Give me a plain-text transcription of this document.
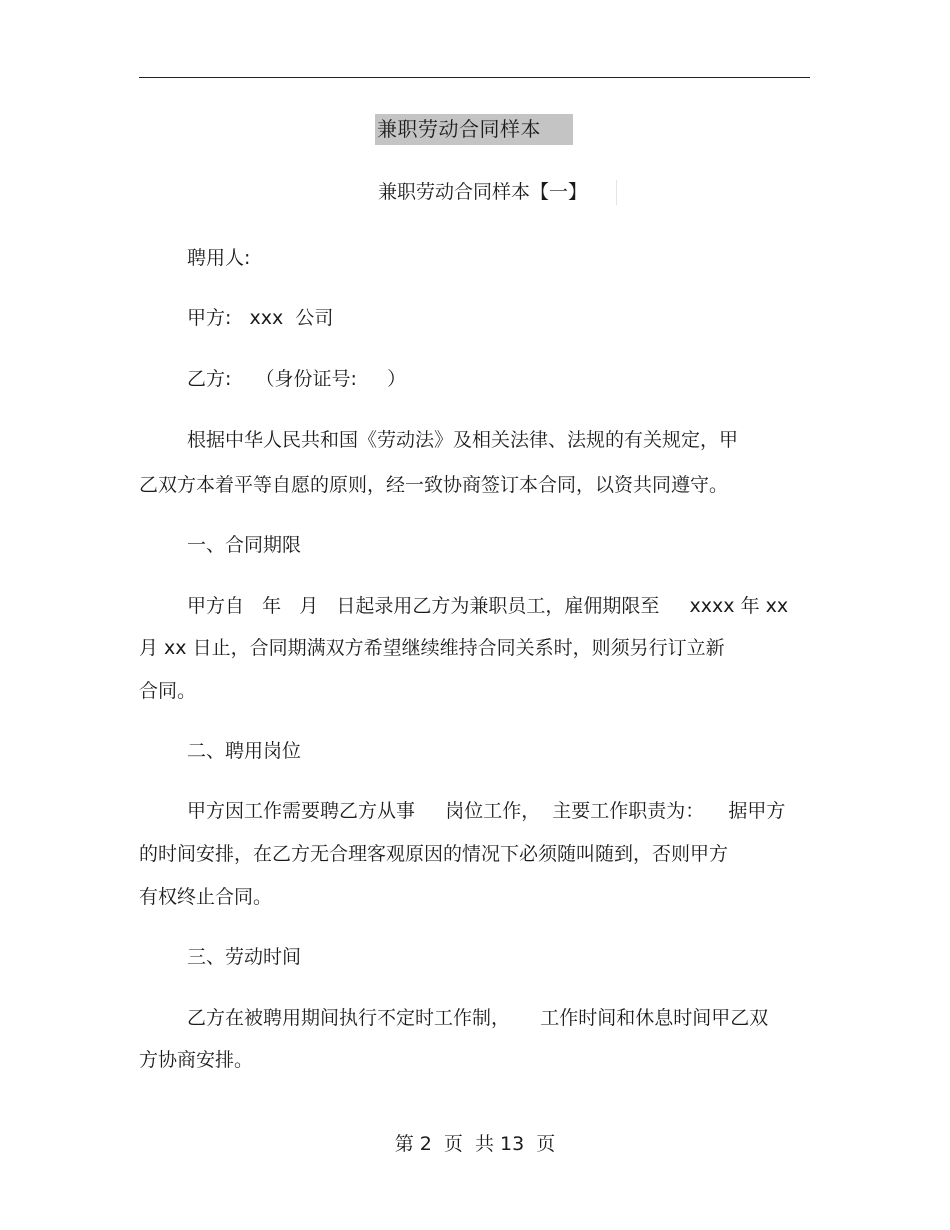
兼职劳动合同样本
兼职劳动合同样本【一】
聘用人:
甲方:   xxx  公司
乙方:    （身份证号:     ）
根据中华人民共和国《劳动法》及相关法律、法规的有关规定，甲
乙双方本着平等自愿的原则，经一致协商签订本合同，以资共同遵守。
一、合同期限
甲方自   年   月   日起录用乙方为兼职员工，雇佣期限至     xxxx 年 xx
月 xx 日止，合同期满双方希望继续维持合同关系时，则须另行订立新
合同。
二、聘用岗位
甲方因工作需要聘乙方从事     岗位工作，  主要工作职责为：    据甲方
的时间安排，在乙方无合理客观原因的情况下必须随叫随到，否则甲方
有权终止合同。
三、劳动时间
乙方在被聘用期间执行不定时工作制，     工作时间和休息时间甲乙双
方协商安排。
第 2  页  共 13  页
